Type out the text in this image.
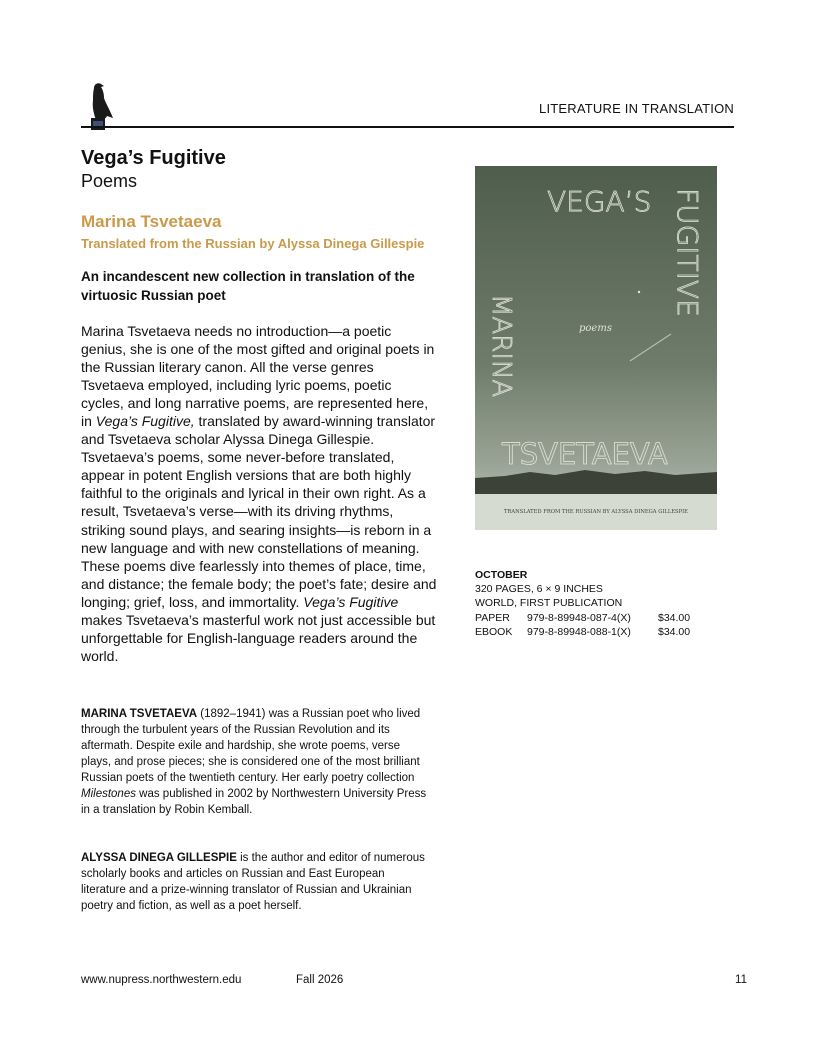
LITERATURE IN TRANSLATION
Vega’s Fugitive
Poems
Marina Tsvetaeva
Translated from the Russian by Alyssa Dinega Gillespie
An incandescent new collection in translation of the virtuosic Russian poet
Marina Tsvetaeva needs no introduction—a poetic genius, she is one of the most gifted and original poets in the Russian literary canon. All the verse genres Tsvetaeva employed, including lyric poems, poetic cycles, and long narrative poems, are represented here, in Vega’s Fugitive, translated by award-winning translator and Tsvetaeva scholar Alyssa Dinega Gillespie. Tsvetaeva’s poems, some never-before translated, appear in potent English versions that are both highly faithful to the originals and lyrical in their own right. As a result, Tsvetaeva’s verse—with its driving rhythms, striking sound plays, and searing insights—is reborn in a new language and with new constellations of meaning. These poems dive fearlessly into themes of place, time, and distance; the female body; the poet’s fate; desire and longing; grief, loss, and immortality. Vega’s Fugitive makes Tsvetaeva’s masterful work not just accessible but unforgettable for English-language readers around the world.
MARINA TSVETAEVA (1892–1941) was a Russian poet who lived through the turbulent years of the Russian Revolution and its aftermath. Despite exile and hardship, she wrote poems, verse plays, and prose pieces; she is considered one of the most brilliant Russian poets of the twentieth century. Her early poetry collection Milestones was published in 2002 by Northwestern University Press in a translation by Robin Kemball.
ALYSSA DINEGA GILLESPIE is the author and editor of numerous scholarly books and articles on Russian and East European literature and a prize-winning translator of Russian and Ukrainian poetry and fiction, as well as a poet herself.
VEGA’S FUGITIVE
MARINA	poems
TSVETAEVA
TRANSLATED FROM THE RUSSIAN BY ALYSSA DINEGA GILLESPIE
OCTOBER
320 PAGES, 6 × 9 INCHES
WORLD, FIRST PUBLICATION
PAPER 979-8-89948-087-4(X)	$34.00
EBOOK 979-8-89948-088-1(X)	$34.00
www.nupress.northwestern.edu	Fall 2026	11
